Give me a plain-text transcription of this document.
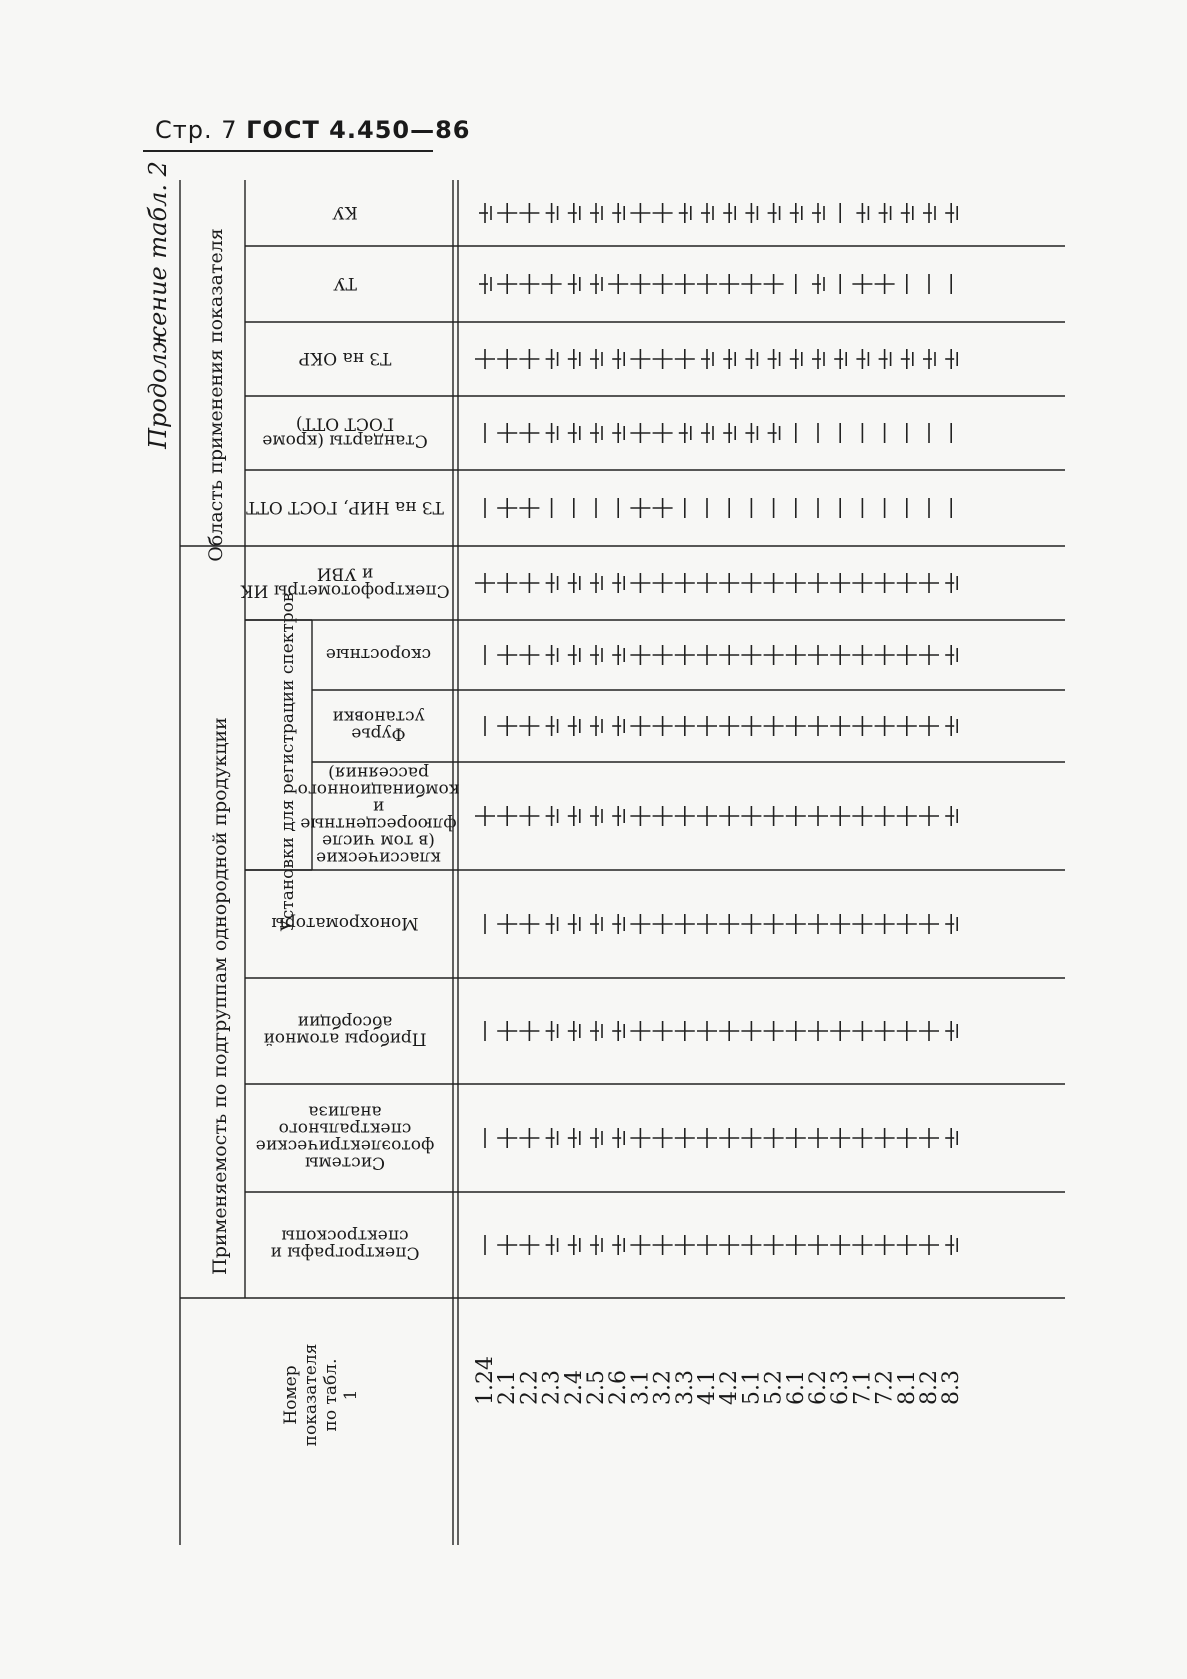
Стр. 7 ГОСТ 4.450—86
Продолжение табл. 2 Область применения показателя
Применяемость по подгруппам однородной продукции	Установки для регистрации спектров
КУ
ТУ
ТЗ на ОКР
Стандарты (кроме
ГОСТ ОТТ)
ТЗ на НИР, ГОСТ ОТТ
Спектрофотометры ИК
и УВИ
скоростные
Фурье
установки
классические
(в том числе
флюоресцентные
и
комбинационного
рассеяния)
Монохроматоры
Приборы атомной
абсорбции
Системы
фотоэлектрические
спектрального
анализа
Спектрографы и
спектроскопы
1.24
2.1
2.2
2.3
2.4
2.5
2.6
3.1
3.2
3.3
4.1
4.2
5.1
5.2
6.1
6.2
6.3
7.1
7.2
8.1
8.2
8.3
Номер показателя по табл. 1
